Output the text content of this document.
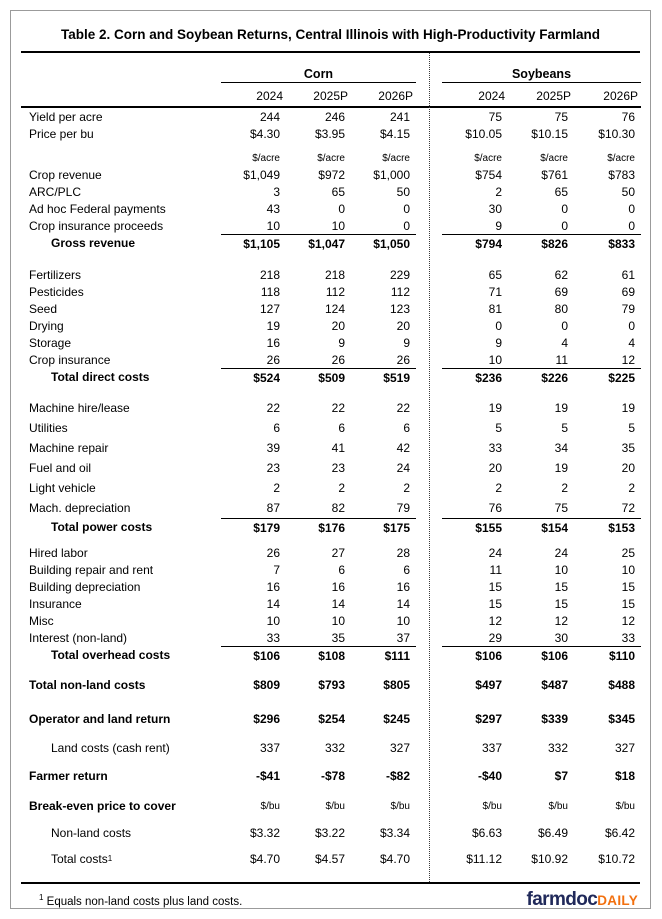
Table 2. Corn and Soybean Returns, Central Illinois with High-Productivity Farmland
Corn	Soybeans
2024	2025P	2026P	2024	2025P	2026P
Yield per acre	244	246	241	75	75	76
Price per bu	$4.30	$3.95	$4.15	$10.05	$10.15	$10.30
$/acre	$/acre	$/acre	$/acre	$/acre	$/acre
Crop revenue	$1,049	$972	$1,000	$754	$761	$783
ARC/PLC	3	65	50	2	65	50
Ad hoc Federal payments	43	0	0	30	0	0
Crop insurance proceeds	10	10	0	9	0	0
Gross revenue	$1,105	$1,047	$1,050	$794	$826	$833
Fertilizers	218	218	229	65	62	61
Pesticides	118	112	112	71	69	69
Seed	127	124	123	81	80	79
Drying	19	20	20	0	0	0
Storage	16	9	9	9	4	4
Crop insurance	26	26	26	10	11	12
Total direct costs	$524	$509	$519	$236	$226	$225
Machine hire/lease	22	22	22	19	19	19
Utilities	6	6	6	5	5	5
Machine repair	39	41	42	33	34	35
Fuel and oil	23	23	24	20	19	20
Light vehicle	2	2	2	2	2	2
Mach. depreciation	87	82	79	76	75	72
Total power costs	$179	$176	$175	$155	$154	$153
Hired labor	26	27	28	24	24	25
Building repair and rent	7	6	6	11	10	10
Building depreciation	16	16	16	15	15	15
Insurance	14	14	14	15	15	15
Misc	10	10	10	12	12	12
Interest (non-land)	33	35	37	29	30	33
Total overhead costs	$106	$108	$111	$106	$106	$110
Total non-land costs	$809	$793	$805	$497	$487	$488
Operator and land return	$296	$254	$245	$297	$339	$345
Land costs (cash rent)	337	332	327	337	332	327
Farmer return	-$41	-$78	-$82	-$40	$7	$18
Break-even price to cover	$/bu	$/bu	$/bu	$/bu	$/bu	$/bu
Non-land costs	$3.32	$3.22	$3.34	$6.63	$6.49	$6.42
Total costs 1	$4.70	$4.57	$4.70	$11.12	$10.92	$10.72
$^1$ Equals non-land costs plus land costs.	farmdocDAILY
